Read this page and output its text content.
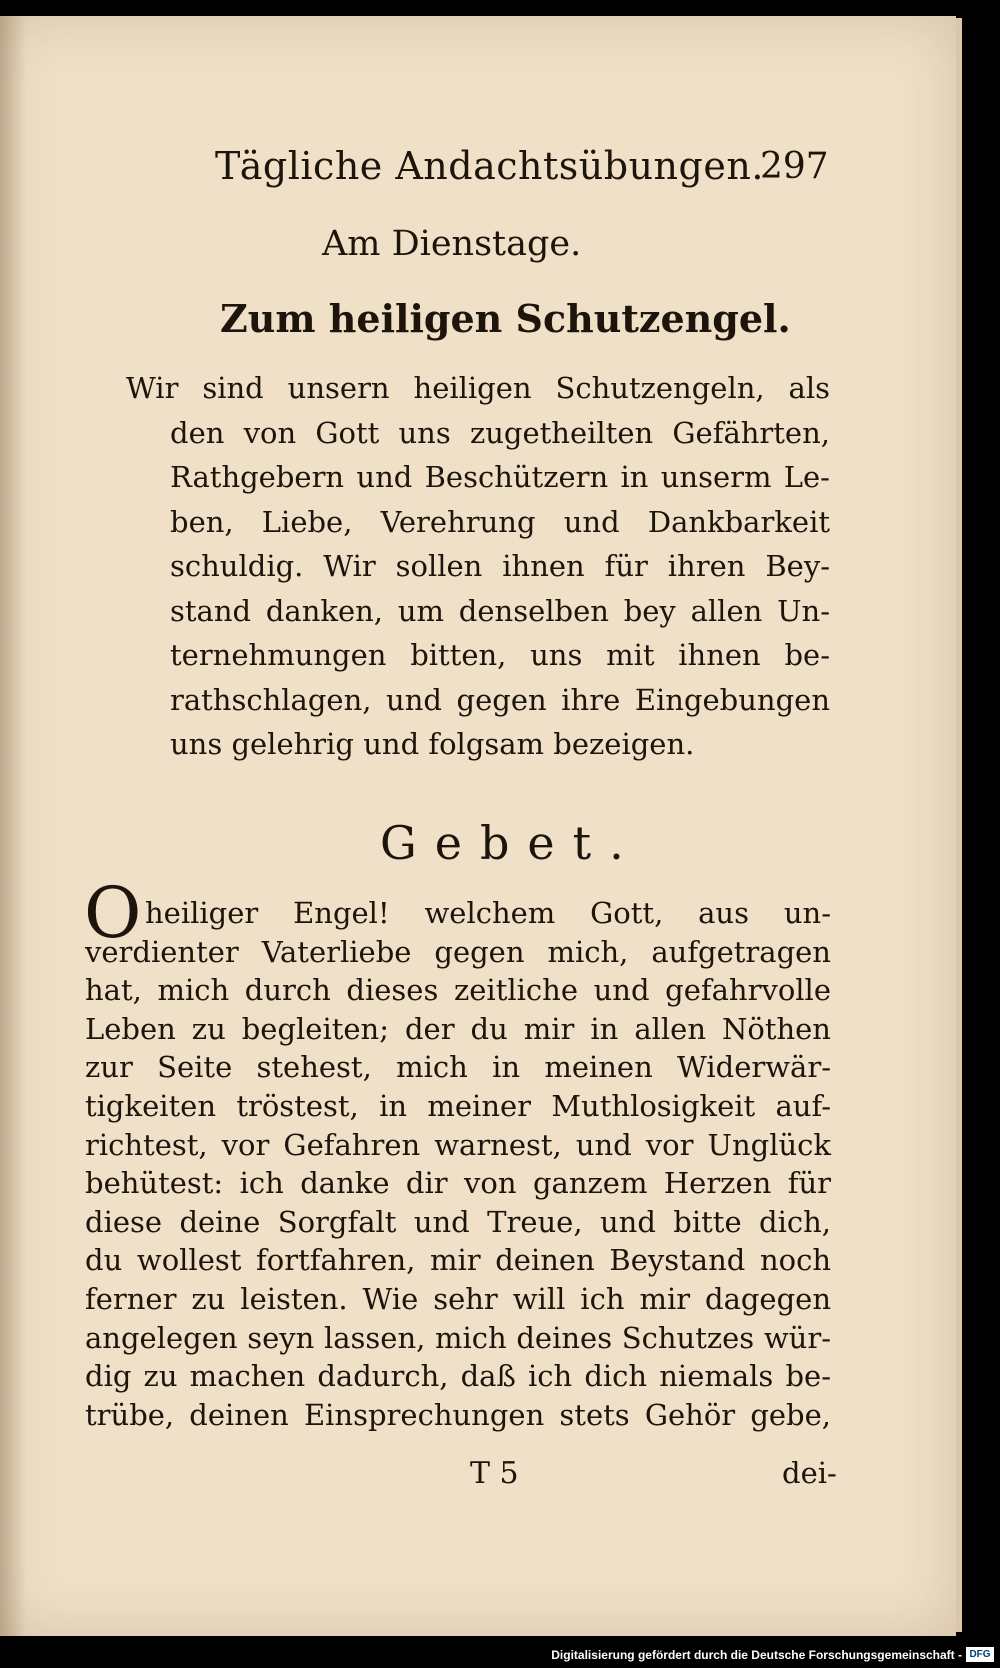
Tägliche Andachtsübungen.
297
Am Dienstage.
Zum heiligen Schutzengel.
Wir sind unsern heiligen Schutzengeln, als
den von Gott uns zugetheilten Gefährten,
Rathgebern und Beschützern in unserm Le-
ben, Liebe, Verehrung und Dankbarkeit
schuldig. Wir sollen ihnen für ihren Bey-
stand danken, um denselben bey allen Un-
ternehmungen bitten, uns mit ihnen be-
rathschlagen, und gegen ihre Eingebungen
uns gelehrig und folgsam bezeigen.
Gebet.
O heiliger Engel! welchem Gott, aus un-
verdienter Vaterliebe gegen mich, aufgetragen
hat, mich durch dieses zeitliche und gefahrvolle
Leben zu begleiten; der du mir in allen Nöthen
zur Seite stehest, mich in meinen Widerwär-
tigkeiten tröstest, in meiner Muthlosigkeit auf-
richtest, vor Gefahren warnest, und vor Unglück
behütest: ich danke dir von ganzem Herzen für
diese deine Sorgfalt und Treue, und bitte dich,
du wollest fortfahren, mir deinen Beystand noch
ferner zu leisten. Wie sehr will ich mir dagegen
angelegen seyn lassen, mich deines Schutzes wür-
dig zu machen dadurch, daß ich dich niemals be-
trübe, deinen Einsprechungen stets Gehör gebe,
T 5	dei-
Digitalisierung gefördert durch die Deutsche Forschungsgemeinschaft - DFG
